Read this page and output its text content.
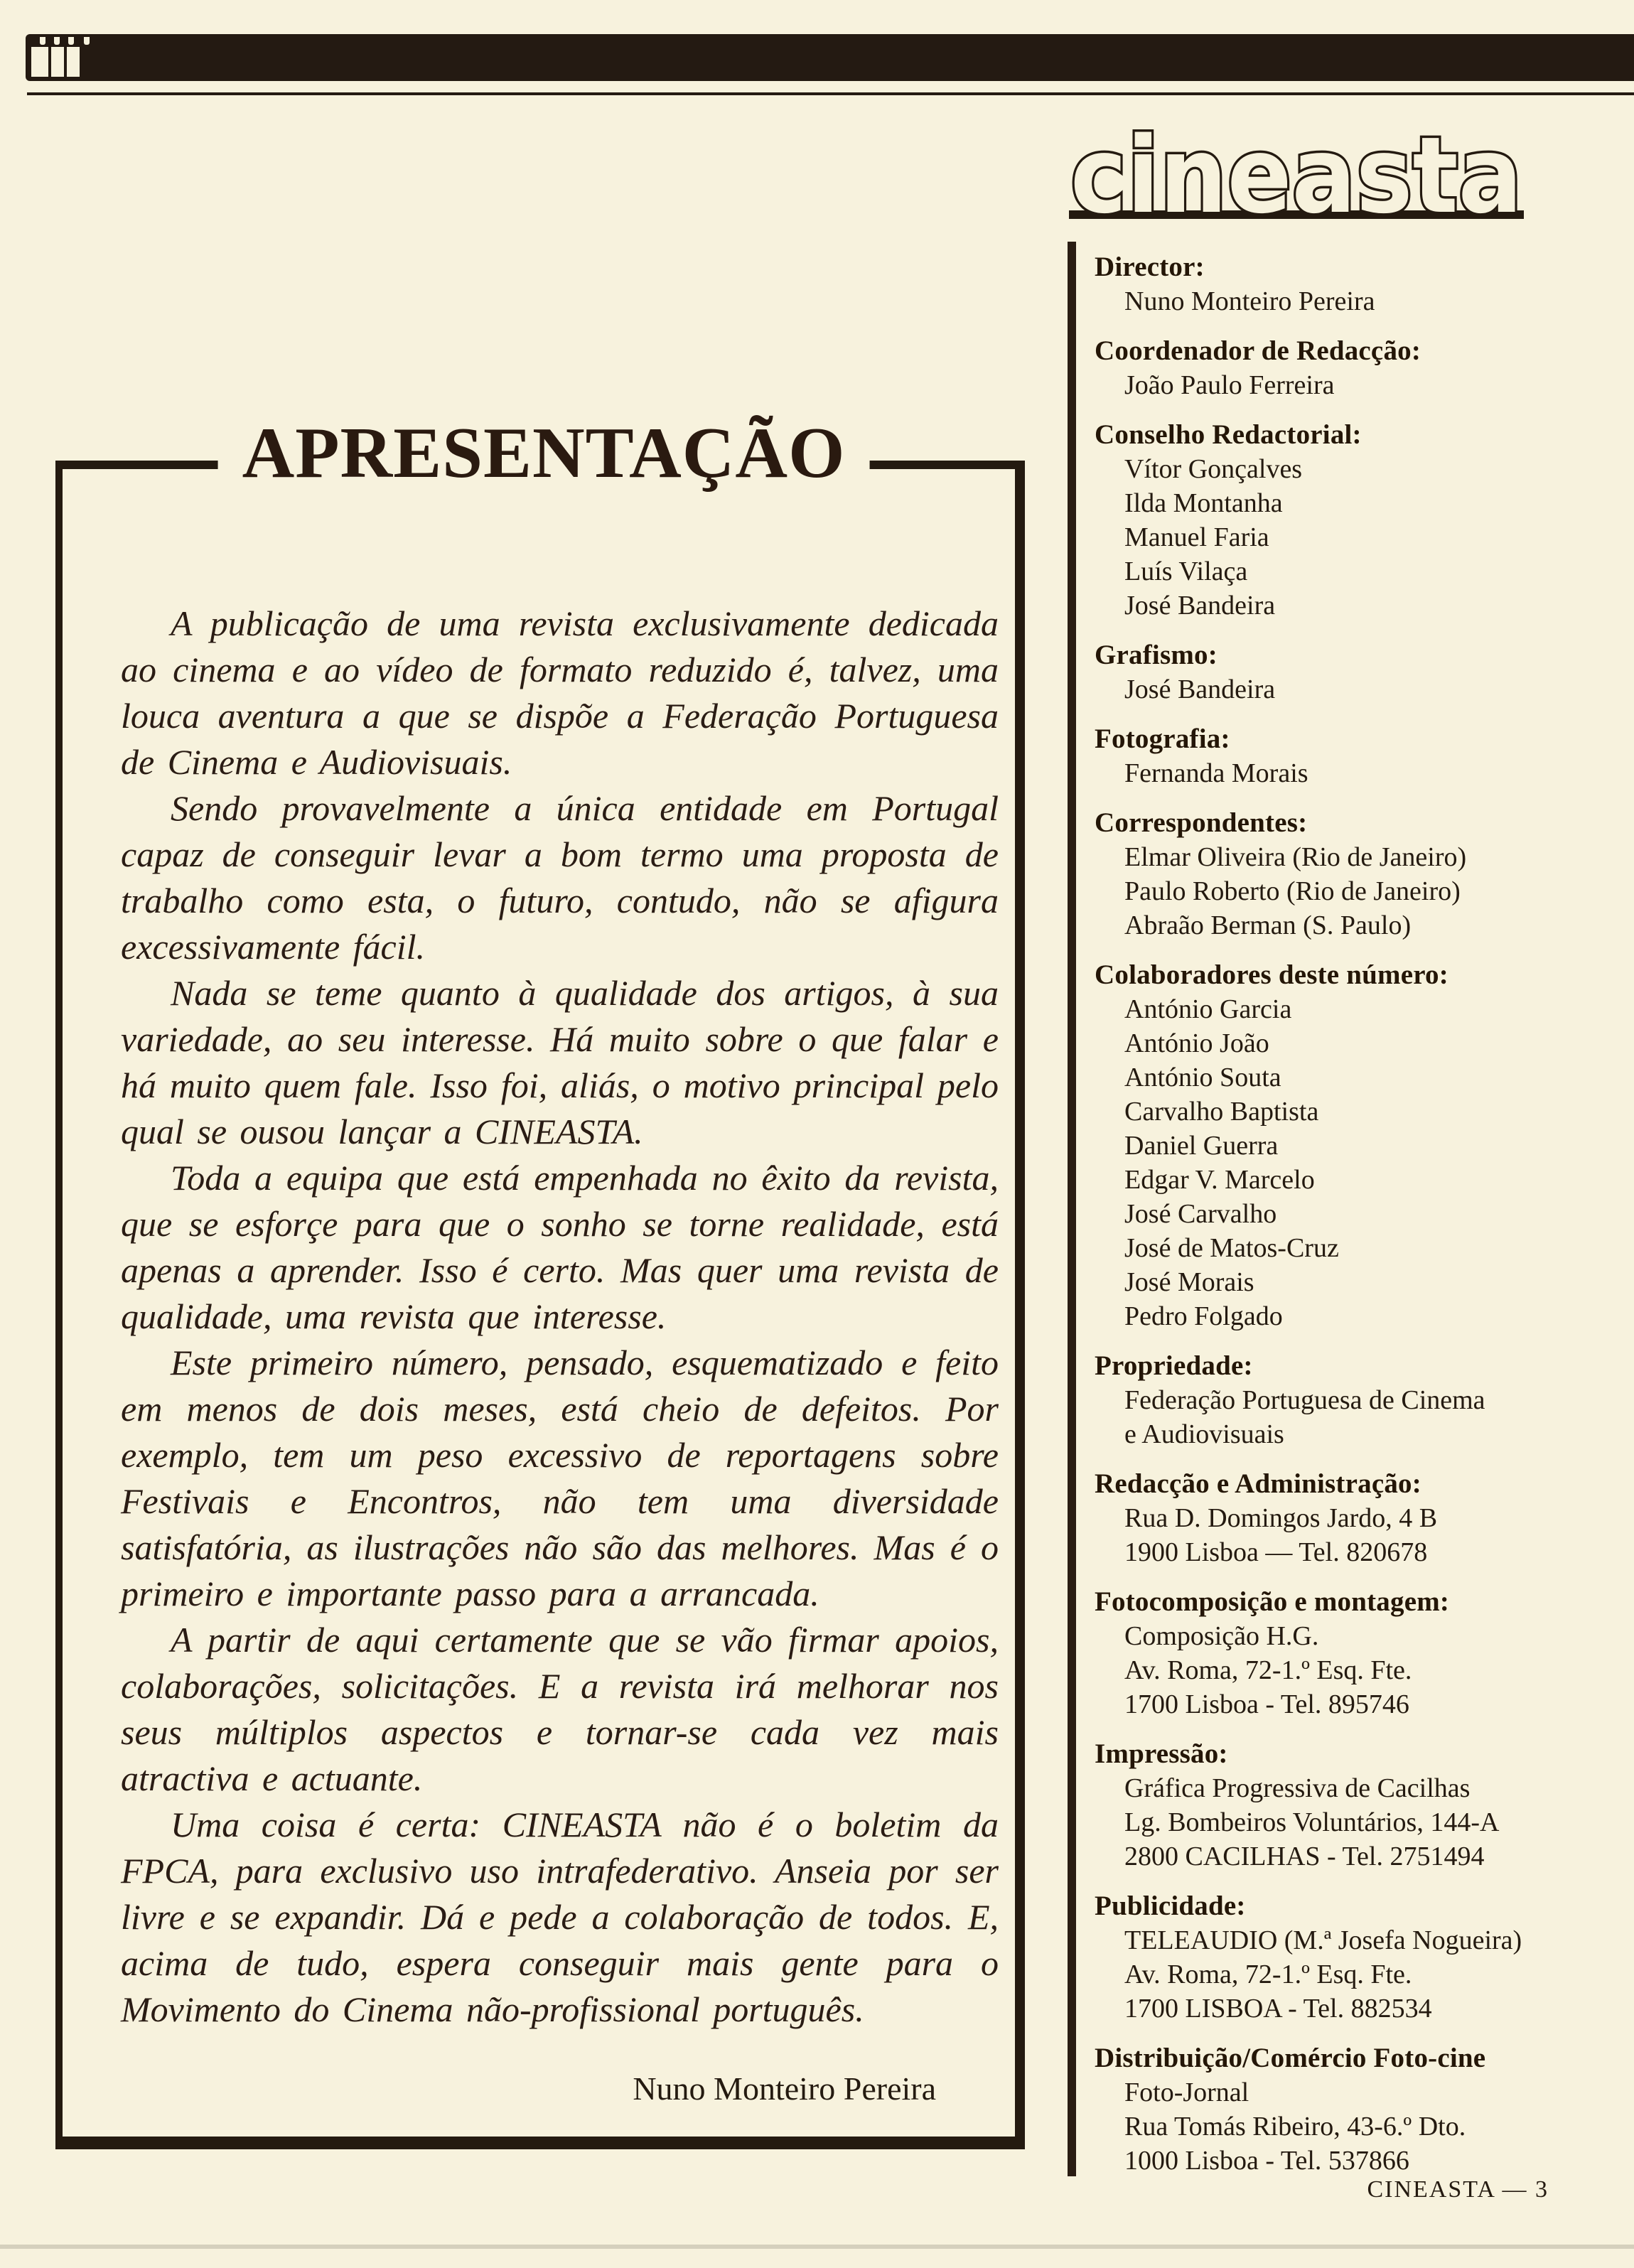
cineasta
Director:

Nuno Monteiro Pereira

Coordenador de Redacção:

João Paulo Ferreira

Conselho Redactorial:

Vítor Gonçalves

Ilda Montanha

Manuel Faria

Luís Vilaça

José Bandeira

Grafismo:

José Bandeira

Fotografia:

Fernanda Morais

Correspondentes:

Elmar Oliveira (Rio de Janeiro)

Paulo Roberto (Rio de Janeiro)

Abraão Berman (S. Paulo)

Colaboradores deste número:

António Garcia

António João

António Souta

Carvalho Baptista

Daniel Guerra

Edgar V. Marcelo

José Carvalho

José de Matos-Cruz

José Morais

Pedro Folgado

Propriedade:

Federação Portuguesa de Cinema

e Audiovisuais

Redacção e Administração:

Rua D. Domingos Jardo, 4 B

1900 Lisboa — Tel. 820678

Fotocomposição e montagem:

Composição H.G.

Av. Roma, 72-1.º Esq. Fte.

1700 Lisboa - Tel. 895746

Impressão:

Gráfica Progressiva de Cacilhas

Lg. Bombeiros Voluntários, 144-A

2800 CACILHAS - Tel. 2751494

Publicidade:

TELEAUDIO (M.ª Josefa Nogueira)

Av. Roma, 72-1.º Esq. Fte.

1700 LISBOA - Tel. 882534

Distribuição/Comércio Foto-cine

Foto-Jornal

Rua Tomás Ribeiro, 43-6.º Dto.

1000 Lisboa - Tel. 537866

APRESENTAÇÃO

A publicação de uma revista exclusivamente dedicada ao cinema e ao vídeo de formato reduzido é, talvez, uma louca aventura a que se dispõe a Federação Portuguesa de Cinema e Audiovisuais.

Sendo provavelmente a única entidade em Portugal capaz de conseguir levar a bom termo uma proposta de trabalho como esta, o futuro, contudo, não se afigura excessivamente fácil.

Nada se teme quanto à qualidade dos artigos, à sua variedade, ao seu interesse. Há muito sobre o que falar e há muito quem fale. Isso foi, aliás, o motivo principal pelo qual se ousou lançar a CINEASTA.

Toda a equipa que está empenhada no êxito da revista, que se esforçe para que o sonho se torne realidade, está apenas a aprender. Isso é certo. Mas quer uma revista de qualidade, uma revista que interesse.

Este primeiro número, pensado, esquematizado e feito em menos de dois meses, está cheio de defeitos. Por exemplo, tem um peso excessivo de reportagens sobre Festivais e Encontros, não tem uma diversidade satisfatória, as ilustrações não são das melhores. Mas é o primeiro e importante passo para a arrancada.

A partir de aqui certamente que se vão firmar apoios, colaborações, solicitações. E a revista irá melhorar nos seus múltiplos aspectos e tornar-se cada vez mais atractiva e actuante.

Uma coisa é certa: CINEASTA não é o boletim da FPCA, para exclusivo uso intrafederativo. Anseia por ser livre e se expandir. Dá e pede a colaboração de todos. E, acima de tudo, espera conseguir mais gente para o Movimento do Cinema não-profissional português.

Nuno Monteiro Pereira
CINEASTA — 3
